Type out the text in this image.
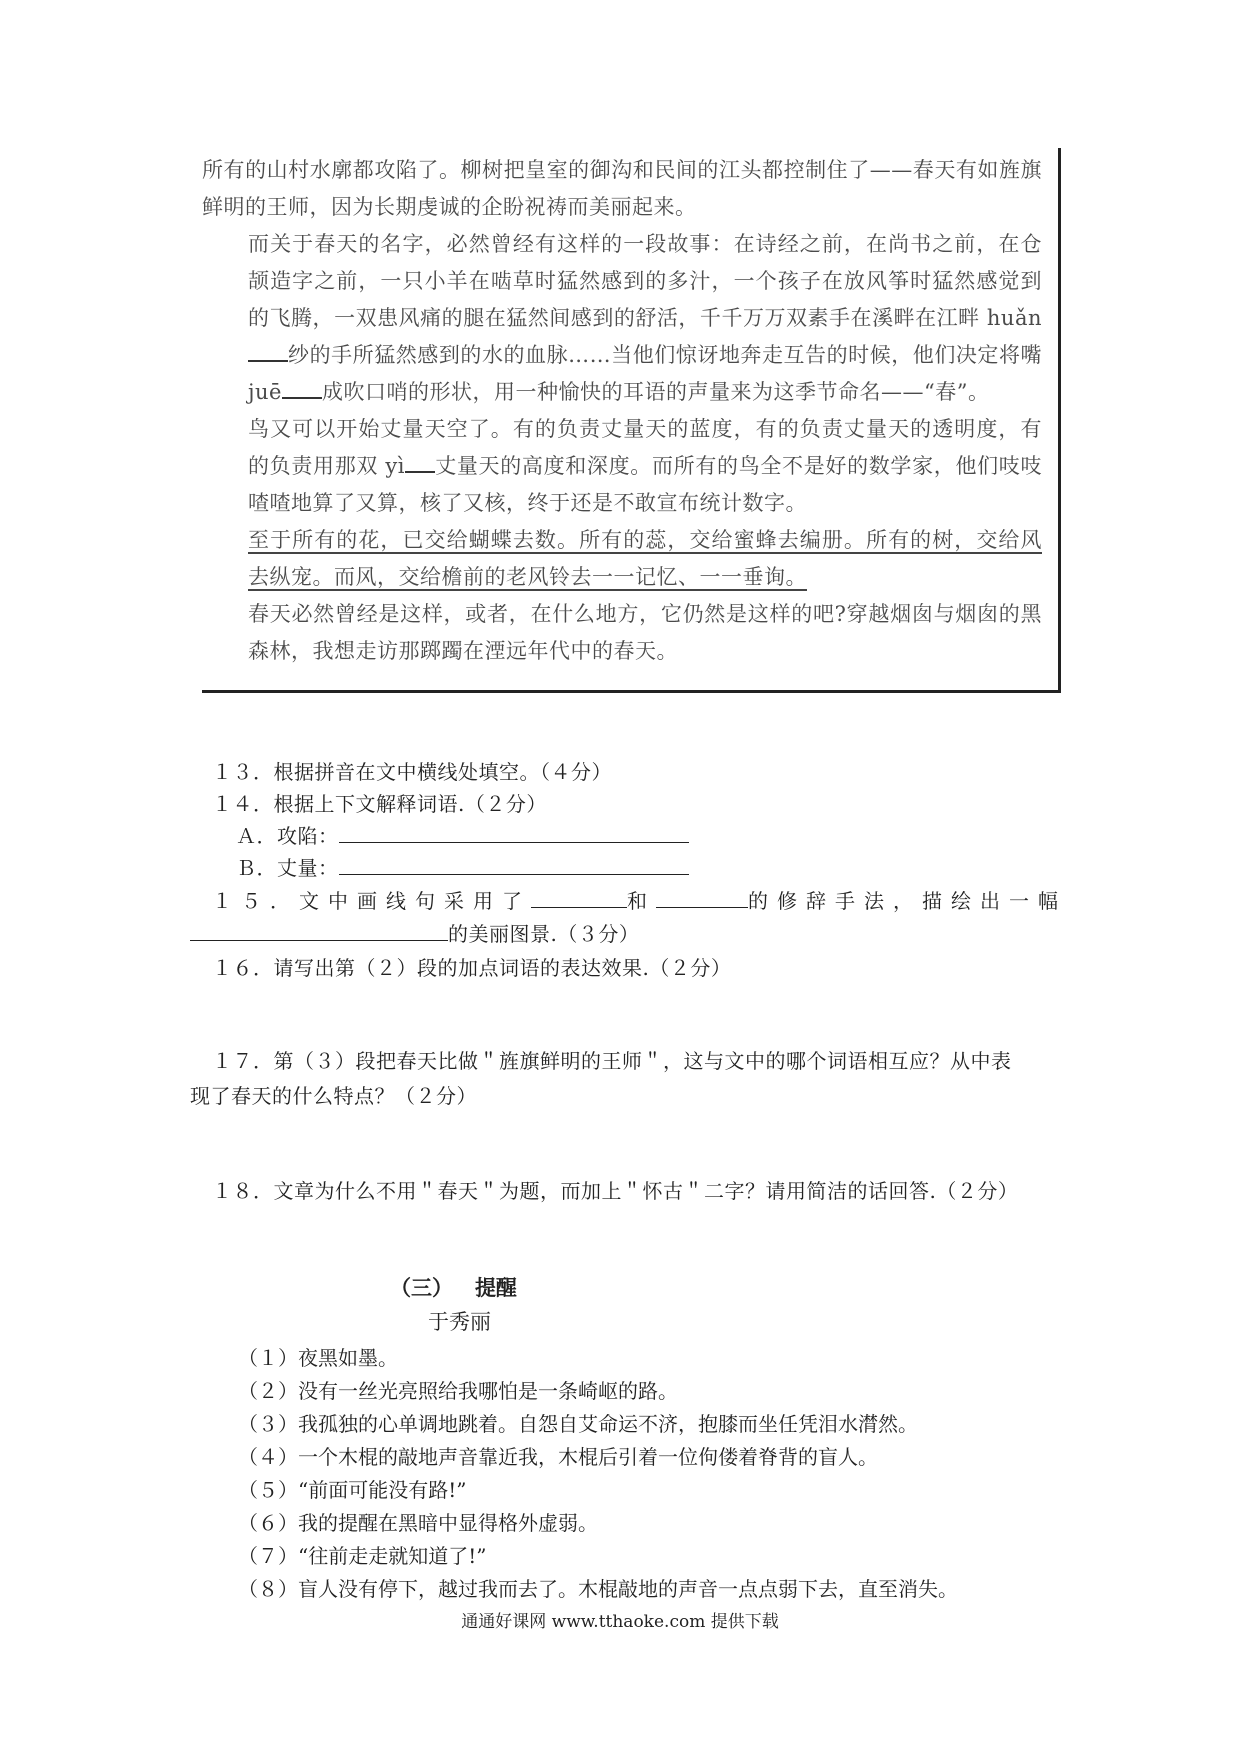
所有的山村水廓都攻陷了。柳树把皇室的御沟和民间的江头都控制住了——春天有如旌旗鲜明的王师，因为长期虔诚的企盼祝祷而美丽起来。
而关于春天的名字，必然曾经有这样的一段故事：在诗经之前，在尚书之前，在仓颉造字之前，一只小羊在啮草时猛然感到的多汁，一个孩子在放风筝时猛然感觉到的飞腾，一双患风痛的腿在猛然间感到的舒活，千千万万双素手在溪畔在江畔 huǎn纱的手所猛然感到的水的血脉……当他们惊讶地奔走互告的时候，他们决定将嘴 juē 成吹口哨的形状，用一种愉快的耳语的声量来为这季节命名——“春”。
鸟又可以开始丈量天空了。有的负责丈量天的蓝度，有的负责丈量天的透明度，有的负责用那双 yì 丈量天的高度和深度。而所有的鸟全不是好的数学家，他们吱吱喳喳地算了又算，核了又核，终于还是不敢宣布统计数字。
至于所有的花，已交给蝴蝶去数。所有的蕊，交给蜜蜂去编册。所有的树，交给风去纵宠。而风，交给檐前的老风铃去一一记忆、一一垂询。
春天必然曾经是这样，或者，在什么地方，它仍然是这样的吧?穿越烟囱与烟囱的黑森林，我想走访那踯躅在湮远年代中的春天。
１３．根据拼音在文中横线处填空。（４分）
１４．根据上下文解释词语.（２分）
Ａ．攻陷：
Ｂ．丈量：
１５．文中画线句采用了	和	的修辞手法，描绘出一幅
的美丽图景.（３分）
１６．请写出第（２）段的加点词语的表达效果.（２分）
１７．第（３）段把春天比做＂旌旗鲜明的王师＂，这与文中的哪个词语相互应？从中表
现了春天的什么特点？（２分）
１８．文章为什么不用＂春天＂为题，而加上＂怀古＂二字？请用简洁的话回答.（２分）
（三） 提醒
于秀丽
（１）夜黑如墨。
（２）没有一丝光亮照给我哪怕是一条崎岖的路。
（３）我孤独的心单调地跳着。自怨自艾命运不济，抱膝而坐任凭泪水潸然。
（４）一个木棍的敲地声音靠近我，木棍后引着一位佝偻着脊背的盲人。
（５）“前面可能没有路!”
（６）我的提醒在黑暗中显得格外虚弱。
（７）“往前走走就知道了!”
（８）盲人没有停下，越过我而去了。木棍敲地的声音一点点弱下去，直至消失。
通通好课网 www.tthaoke.com 提供下载
